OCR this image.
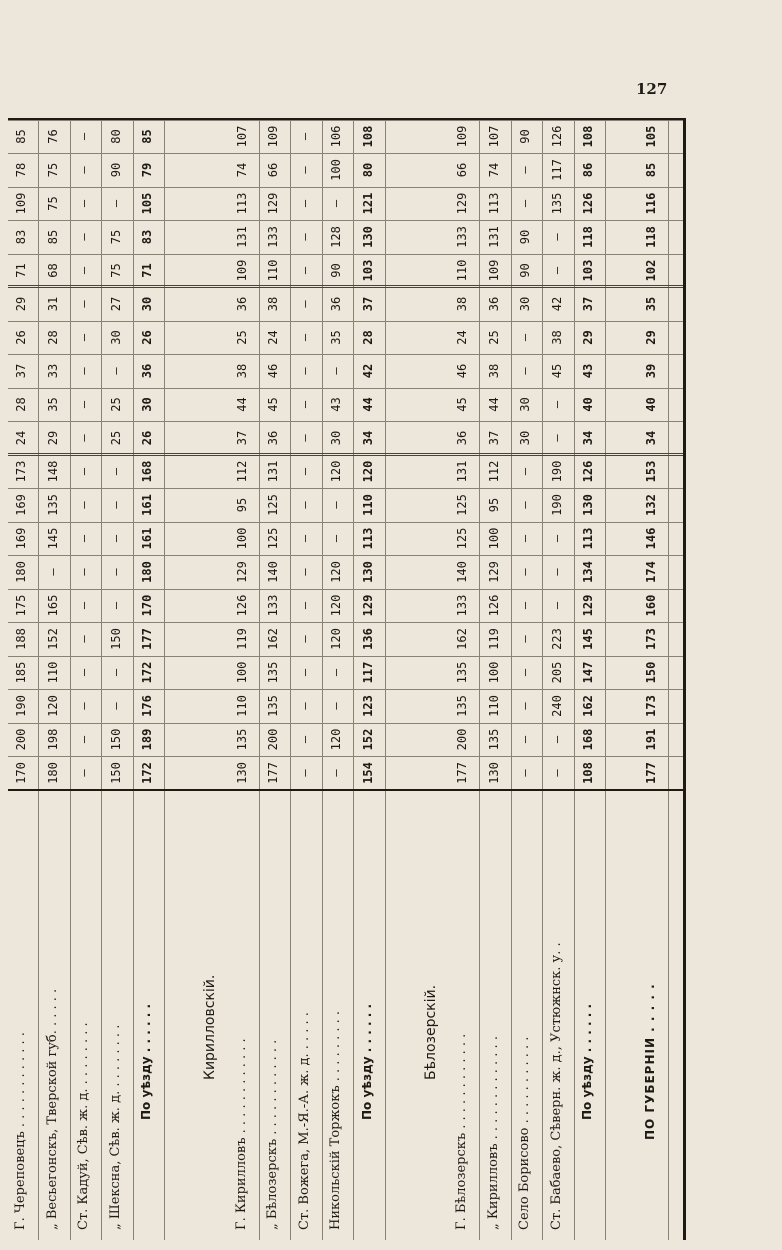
127
Г. Череповецъ . . . . . . . . . . . .
170
200
190
185
188
175
180
169
169
173
24
28
37
26
29
71
83
109
78
85
„ Весьегонскъ, Тверской губ. . . . . .
180
198
120
110
152
165
—
145
135
148
29
35
33
28
31
68
85
75
75
76
Ст. Кадуй, Сѣв. ж. д. . . . . . . . .
—
—
—
—
—
—
—
—
—
—
—
—
—
—
—
—
—
—
—
—
„ Шексна, Сѣв. ж. д. . . . . . . . .
150
150
—
—
150
—
—
—
—
—
25
25
—
30
27
75
75
—
90
80
По уѣзду . . . . . .
172
189
176
172
177
170
180
161
161
168
26
30
36
26
30
71
83
105
79
85
Кирилловскій.
Г. Кирилловъ . . . . . . . . . . . .
130
135
110
100
119
126
129
100
95
112
37
44
38
25
36
109
131
113
74
107
„ Бѣлозерскъ . . . . . . . . . . . .
177
200
135
135
162
133
140
125
125
131
36
45
46
24
38
110
133
129
66
109
Ст. Вожега, М.-Я.-А. ж. д. . . . . .
—
—
—
—
—
—
—
—
—
—
—
—
—
—
—
—
—
—
—
—
Никольскій Торжокъ . . . . . . . . .
—
120
—
—
120
120
120
—
—
120
30
43
—
35
36
90
128
—
100
106
По уѣзду . . . . . .
154
152
123
117
136
129
130
113
110
120
34
44
42
28
37
103
130
121
80
108
Бѣлозерскій.
Г. Бѣлозерскъ . . . . . . . . . . . .
177
200
135
135
162
133
140
125
125
131
36
45
46
24
38
110
133
129
66
109
„ Кирилловъ . . . . . . . . . . . . .
130
135
110
100
119
126
129
100
95
112
37
44
38
25
36
109
131
113
74
107
Село Борисово . . . . . . . . . . .
—
—
—
—
—
—
—
—
—
—
30
30
—
—
30
90
90
—
—
90
Ст. Бабаево, Сѣверн. ж. д., Устюжнск. у. .
—
—
240
205
223
—
—
—
190
190
—
—
45
38
42
—
—
135
117
126
По уѣзду . . . . . .
108
168
162
147
145
129
134
113
130
126
34
40
43
29
37
103
118
126
86
108
ПО ГУБЕРНІИ . . . . .
177
191
173
150
173
160
174
146
132
153
34
40
39
29
35
102
118
116
85
105
